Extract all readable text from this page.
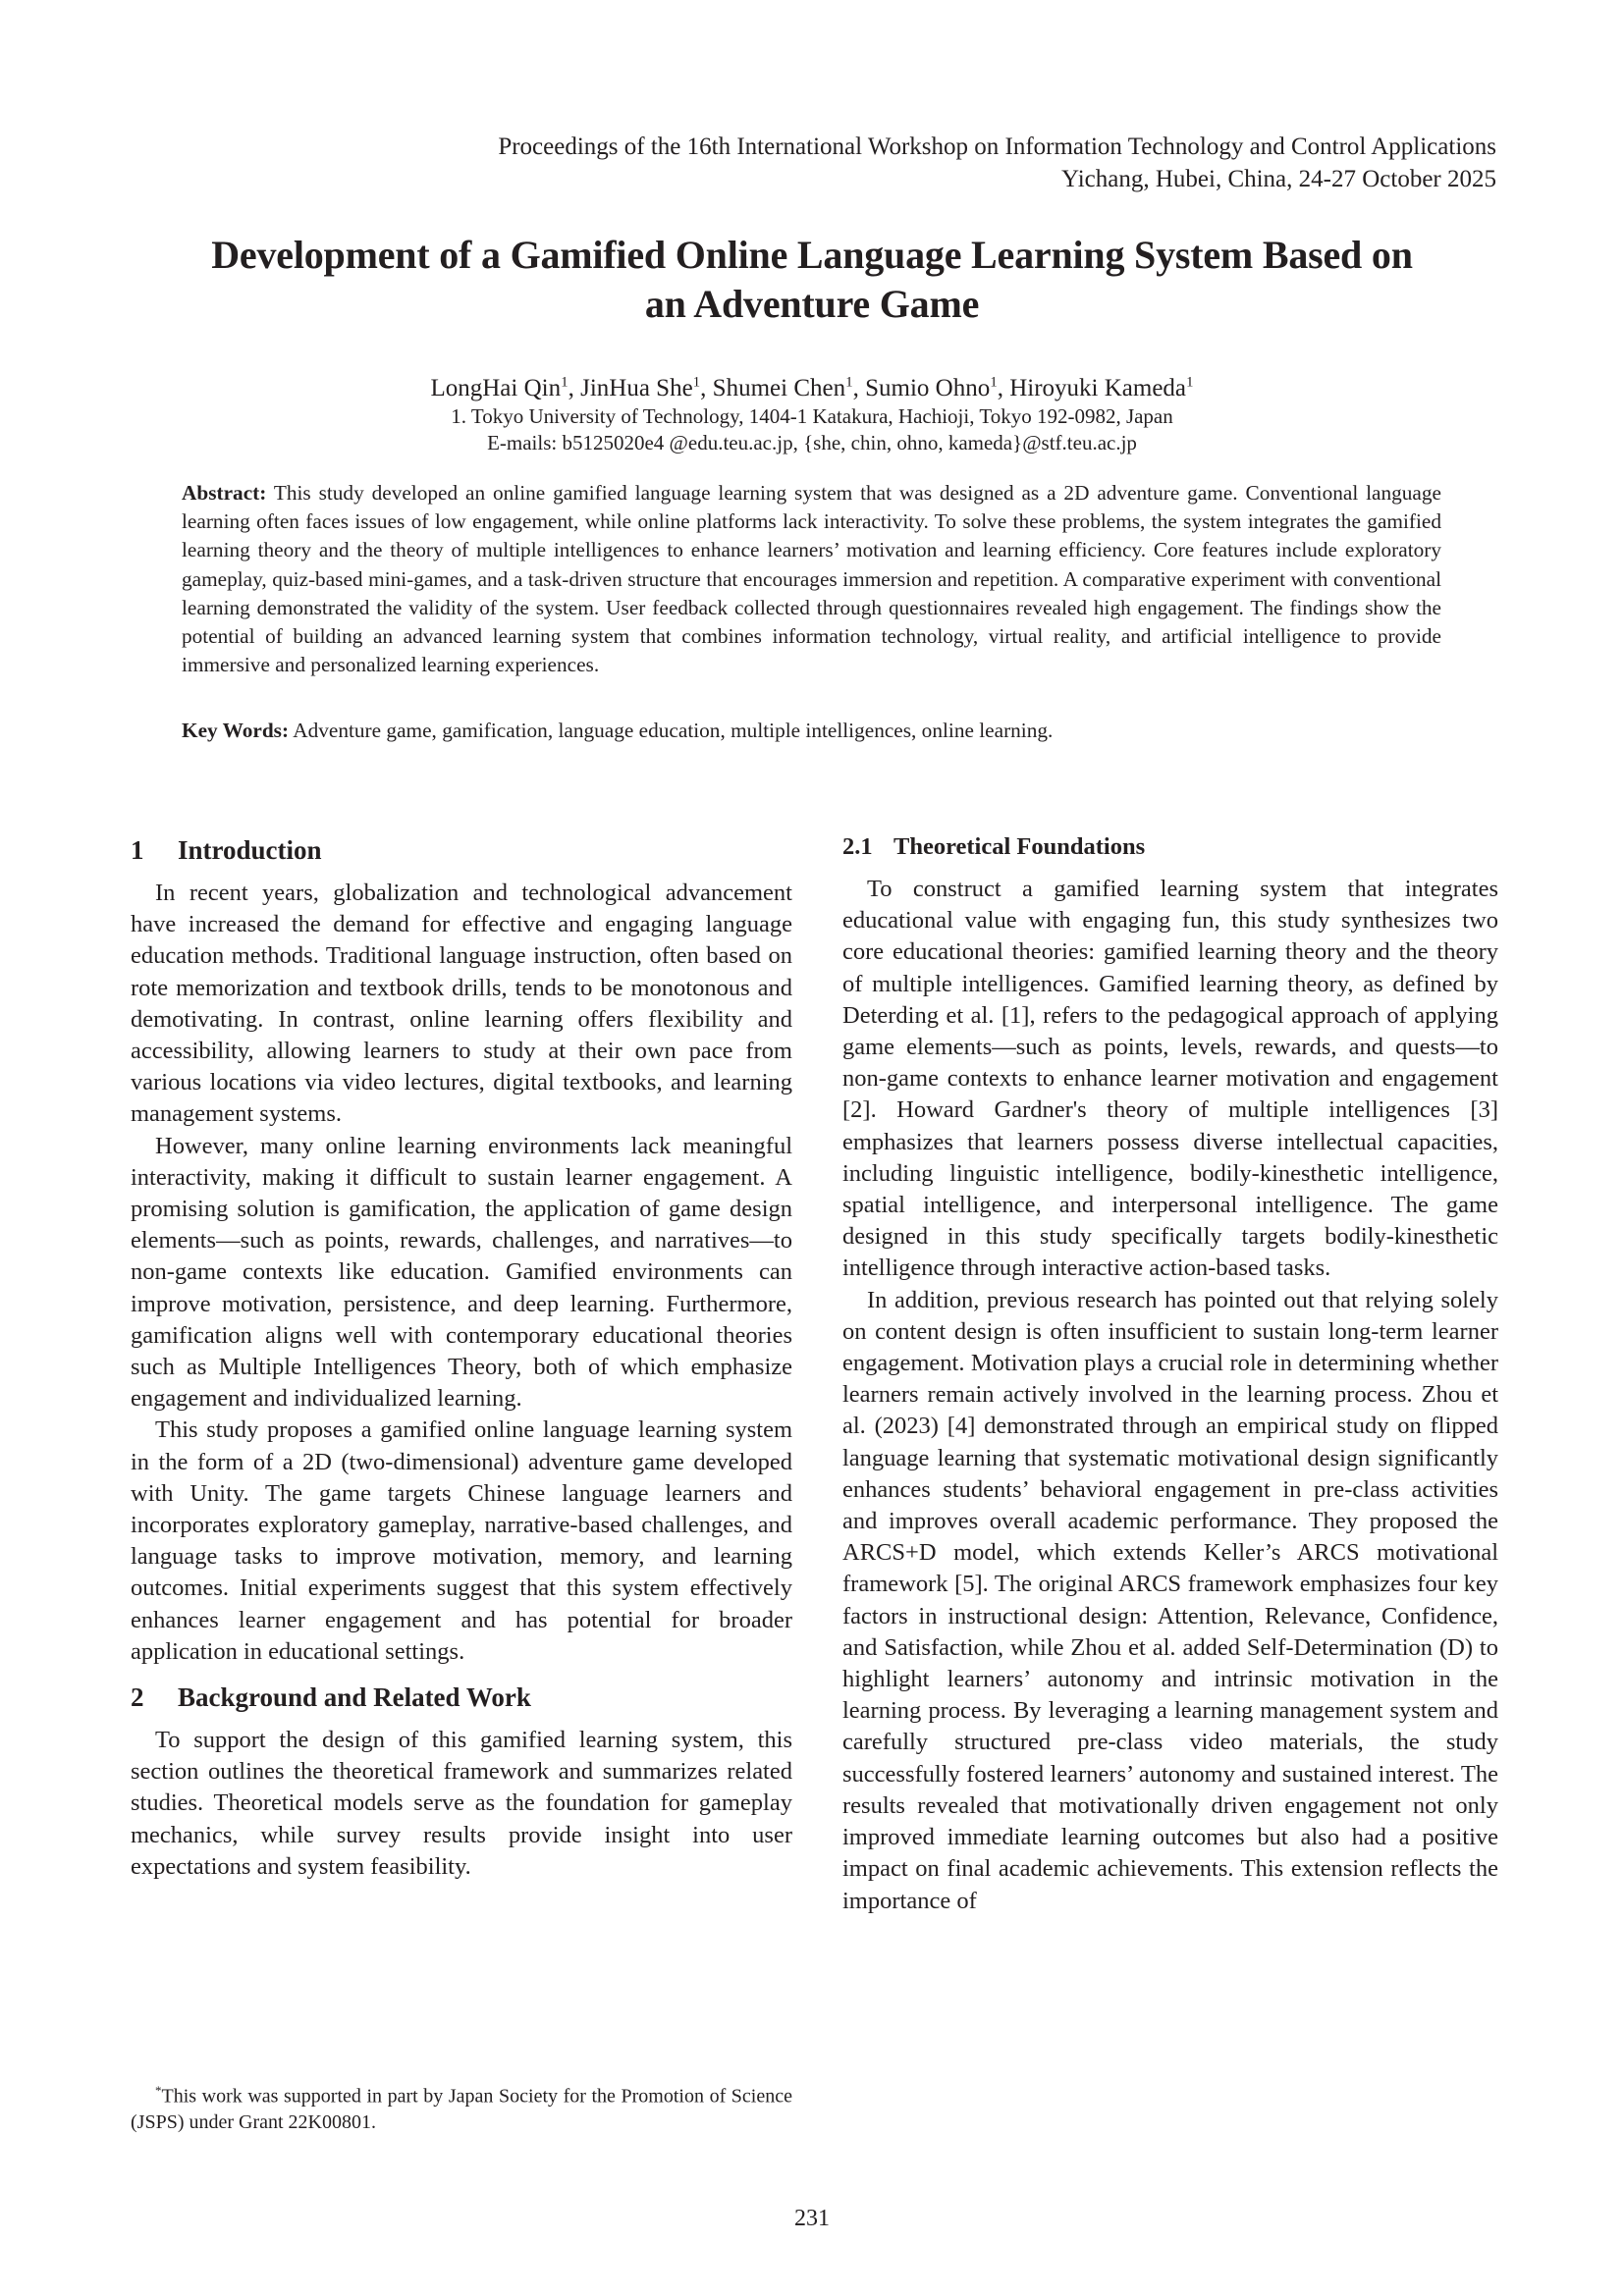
Proceedings of the 16th International Workshop on Information Technology and Control Applications
Yichang, Hubei, China, 24-27 October 2025
Development of a Gamified Online Language Learning System Based on
an Adventure Game
LongHai Qin$^1$, JinHua She$^1$, Shumei Chen$^1$, Sumio Ohno$^1$, Hiroyuki Kameda$^1$
1. Tokyo University of Technology, 1404-1 Katakura, Hachioji, Tokyo 192-0982, Japan
E-mails: b5125020e4 @edu.teu.ac.jp, {she, chin, ohno, kameda}@stf.teu.ac.jp
Abstract: This study developed an online gamified language learning system that was designed as a 2D adventure game. Conventional language learning often faces issues of low engagement, while online platforms lack interactivity. To solve these problems, the system integrates the gamified learning theory and the theory of multiple intelligences to enhance learners’ motivation and learning efficiency. Core features include exploratory gameplay, quiz-based mini-games, and a task-driven structure that encourages immersion and repetition. A comparative experiment with conventional learning demonstrated the validity of the system. User feedback collected through questionnaires revealed high engagement. The findings show the potential of building an advanced learning system that combines information technology, virtual reality, and artificial intelligence to provide immersive and personalized learning experiences.
Key Words: Adventure game, gamification, language education, multiple intelligences, online learning.
1 Introduction

In recent years, globalization and technological advancement have increased the demand for effective and engaging language education methods. Traditional language instruction, often based on rote memorization and textbook drills, tends to be monotonous and demotivating. In contrast, online learning offers flexibility and accessibility, allowing learners to study at their own pace from various locations via video lectures, digital textbooks, and learning management systems.

However, many online learning environments lack meaningful interactivity, making it difficult to sustain learner engagement. A promising solution is gamification, the application of game design elements—such as points, rewards, challenges, and narratives—to non-game contexts like education. Gamified environments can improve motivation, persistence, and deep learning. Furthermore, gamification aligns well with contemporary educational theories such as Multiple Intelligences Theory, both of which emphasize engagement and individualized learning.

This study proposes a gamified online language learning system in the form of a 2D (two-dimensional) adventure game developed with Unity. The game targets Chinese language learners and incorporates exploratory gameplay, narrative-based challenges, and language tasks to improve motivation, memory, and learning outcomes. Initial experiments suggest that this system effectively enhances learner engagement and has potential for broader application in educational settings.

2 Background and Related Work

To support the design of this gamified learning system, this section outlines the theoretical framework and summarizes related studies. Theoretical models serve as the foundation for gameplay mechanics, while survey results provide insight into user expectations and system feasibility.

2.1 Theoretical Foundations

To construct a gamified learning system that integrates educational value with engaging fun, this study synthesizes two core educational theories: gamified learning theory and the theory of multiple intelligences. Gamified learning theory, as defined by Deterding et al. [1], refers to the pedagogical approach of applying game elements—such as points, levels, rewards, and quests—to non-game contexts to enhance learner motivation and engagement [2]. Howard Gardner's theory of multiple intelligences [3] emphasizes that learners possess diverse intellectual capacities, including linguistic intelligence, bodily-kinesthetic intelligence, spatial intelligence, and interpersonal intelligence. The game designed in this study specifically targets bodily-kinesthetic intelligence through interactive action-based tasks.

In addition, previous research has pointed out that relying solely on content design is often insufficient to sustain long-term learner engagement. Motivation plays a crucial role in determining whether learners remain actively involved in the learning process. Zhou et al. (2023) [4] demonstrated through an empirical study on flipped language learning that systematic motivational design significantly enhances students’ behavioral engagement in pre-class activities and improves overall academic performance. They proposed the ARCS+D model, which extends Keller’s ARCS motivational framework [5]. The original ARCS framework emphasizes four key factors in instructional design: Attention, Relevance, Confidence, and Satisfaction, while Zhou et al. added Self-Determination (D) to highlight learners’ autonomy and intrinsic motivation in the learning process. By leveraging a learning management system and carefully structured pre-class video materials, the study successfully fostered learners’ autonomy and sustained interest. The results revealed that motivationally driven engagement not only improved immediate learning outcomes but also had a positive impact on final academic achievements. This extension reflects the importance of

*This work was supported in part by Japan Society for the Promotion of Science (JSPS) under Grant 22K00801.
231
